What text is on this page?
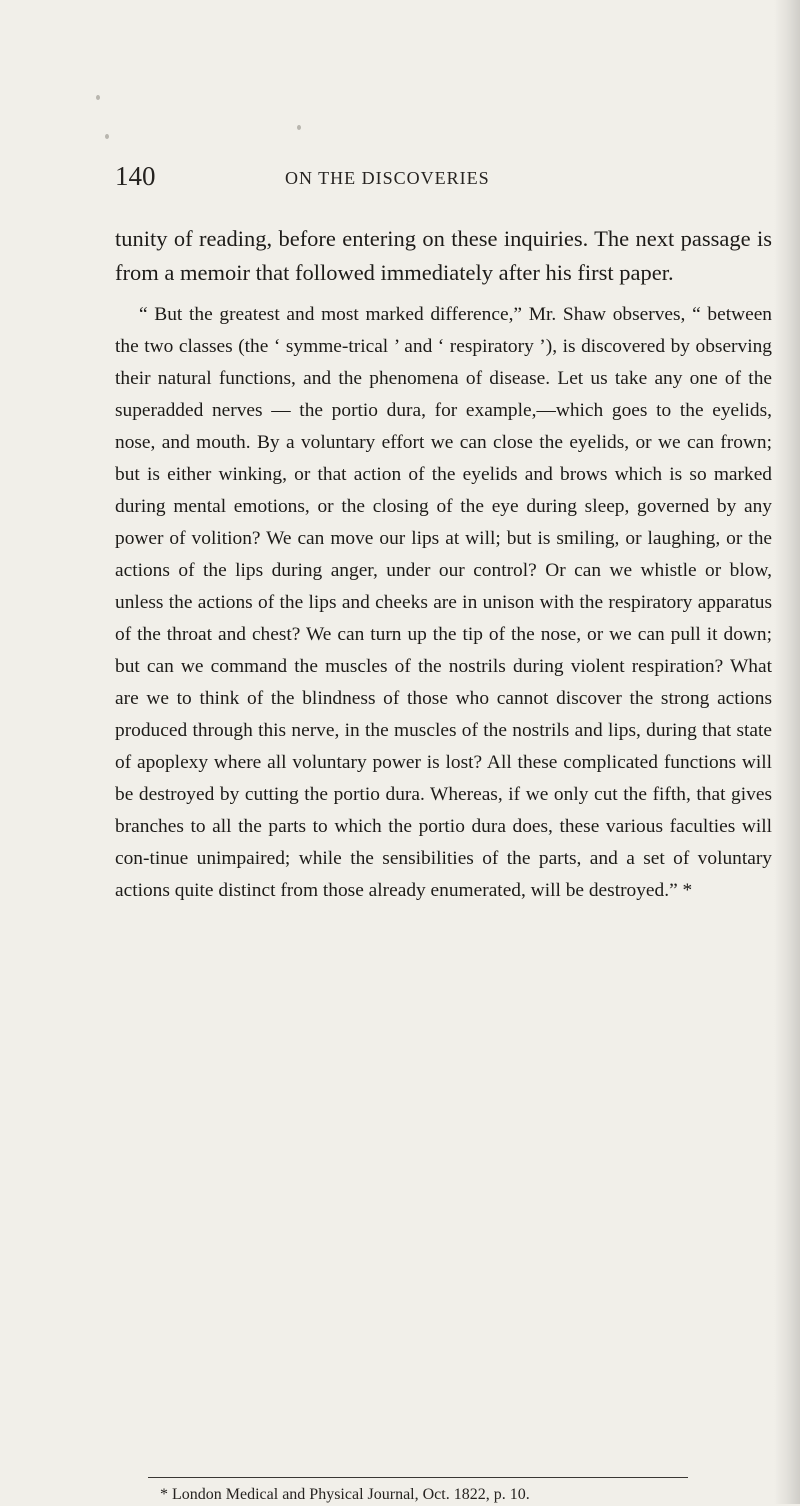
140	ON THE DISCOVERIES

tunity of reading, before entering on these inquiries. The next passage is from a memoir that followed immediately after his first paper.

“ But the greatest and most marked difference,” Mr. Shaw observes, “ between the two classes (the ‘ symme-trical ’ and ‘ respiratory ’), is discovered by observing their natural functions, and the phenomena of disease. Let us take any one of the superadded nerves — the portio dura, for example,—which goes to the eyelids, nose, and mouth. By a voluntary effort we can close the eyelids, or we can frown; but is either winking, or that action of the eyelids and brows which is so marked during mental emotions, or the closing of the eye during sleep, governed by any power of volition? We can move our lips at will; but is smiling, or laughing, or the actions of the lips during anger, under our control? Or can we whistle or blow, unless the actions of the lips and cheeks are in unison with the respiratory apparatus of the throat and chest? We can turn up the tip of the nose, or we can pull it down; but can we command the muscles of the nostrils during violent respiration? What are we to think of the blindness of those who cannot discover the strong actions produced through this nerve, in the muscles of the nostrils and lips, during that state of apoplexy where all voluntary power is lost? All these complicated functions will be destroyed by cutting the portio dura. Whereas, if we only cut the fifth, that gives branches to all the parts to which the portio dura does, these various faculties will con-tinue unimpaired; while the sensibilities of the parts, and a set of voluntary actions quite distinct from those already enumerated, will be destroyed.” *

* London Medical and Physical Journal, Oct. 1822, p. 10.
